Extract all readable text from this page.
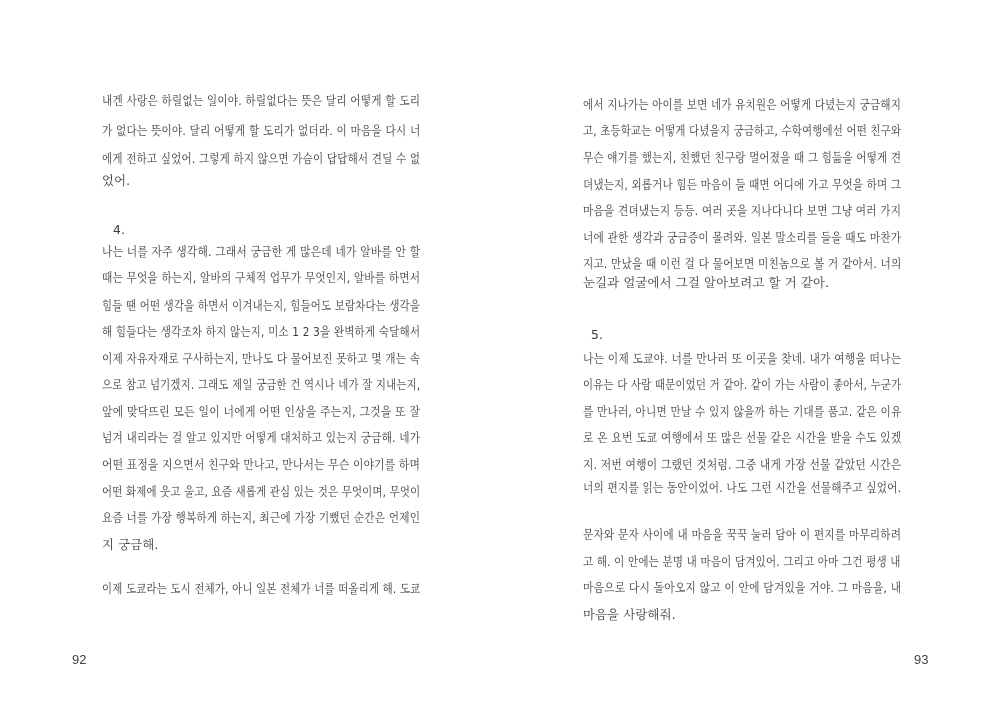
내겐 사랑은 하릴없는 일이야. 하릴없다는 뜻은 달리 어떻게 할 도리
가 없다는 뜻이야. 달리 어떻게 할 도리가 없더라. 이 마음을 다시 너
에게 전하고 싶었어. 그렇게 하지 않으면 가슴이 답답해서 견딜 수 없
었어.
4.
나는 너를 자주 생각해. 그래서 궁금한 게 많은데 네가 알바를 안 할
때는 무엇을 하는지, 알바의 구체적 업무가 무엇인지, 알바를 하면서
힘들 땐 어떤 생각을 하면서 이겨내는지, 힘들어도 보람차다는 생각을
해 힘들다는 생각조차 하지 않는지, 미소 1 2 3을 완벽하게 숙달해서
이제 자유자재로 구사하는지, 만나도 다 물어보진 못하고 몇 개는 속
으로 참고 넘기겠지. 그래도 제일 궁금한 건 역시나 네가 잘 지내는지,
앞에 맞닥뜨린 모든 일이 너에게 어떤 인상을 주는지, 그것을 또 잘
넘겨 내리라는 걸 알고 있지만 어떻게 대처하고 있는지 궁금해. 네가
어떤 표정을 지으면서 친구와 만나고, 만나서는 무슨 이야기를 하며
어떤 화제에 웃고 울고, 요즘 새롭게 관심 있는 것은 무엇이며, 무엇이
요즘 너를 가장 행복하게 하는지, 최근에 가장 기뻤던 순간은 언제인
지 궁금해.
이제 도쿄라는 도시 전체가, 아니 일본 전체가 너를 떠올리게 해. 도쿄
92
에서 지나가는 아이를 보면 네가 유치원은 어떻게 다녔는지 궁금해지
고, 초등학교는 어떻게 다녔을지 궁금하고, 수학여행에선 어떤 친구와
무슨 얘기를 했는지, 친했던 친구랑 멀어졌을 때 그 힘듦을 어떻게 견
뎌냈는지, 외롭거나 힘든 마음이 들 때면 어디에 가고 무엇을 하며 그
마음을 견뎌냈는지 등등. 여러 곳을 지나다니다 보면 그냥 여러 가지
너에 관한 생각과 궁금증이 몰려와. 일본 말소리를 들을 때도 마찬가
지고. 만났을 때 이런 걸 다 물어보면 미친놈으로 볼 거 같아서. 너의
눈길과 얼굴에서 그걸 알아보려고 할 거 같아.
5.
나는 이제 도쿄야. 너를 만나러 또 이곳을 찾네. 내가 여행을 떠나는
이유는 다 사람 때문이었던 거 같아. 같이 가는 사람이 좋아서, 누군가
를 만나러, 아니면 만날 수 있지 않을까 하는 기대를 품고. 같은 이유
로 온 요번 도쿄 여행에서 또 많은 선물 같은 시간을 받을 수도 있겠
지. 저번 여행이 그랬던 것처럼. 그중 내게 가장 선물 같았던 시간은
너의 편지를 읽는 동안이었어. 나도 그런 시간을 선물해주고 싶었어.
문자와 문자 사이에 내 마음을 꾹꾹 눌러 담아 이 편지를 마무리하려
고 해. 이 안에는 분명 내 마음이 담겨있어. 그리고 아마 그건 평생 내
마음으로 다시 돌아오지 않고 이 안에 담겨있을 거야. 그 마음을, 내
마음을 사랑해줘.
93
